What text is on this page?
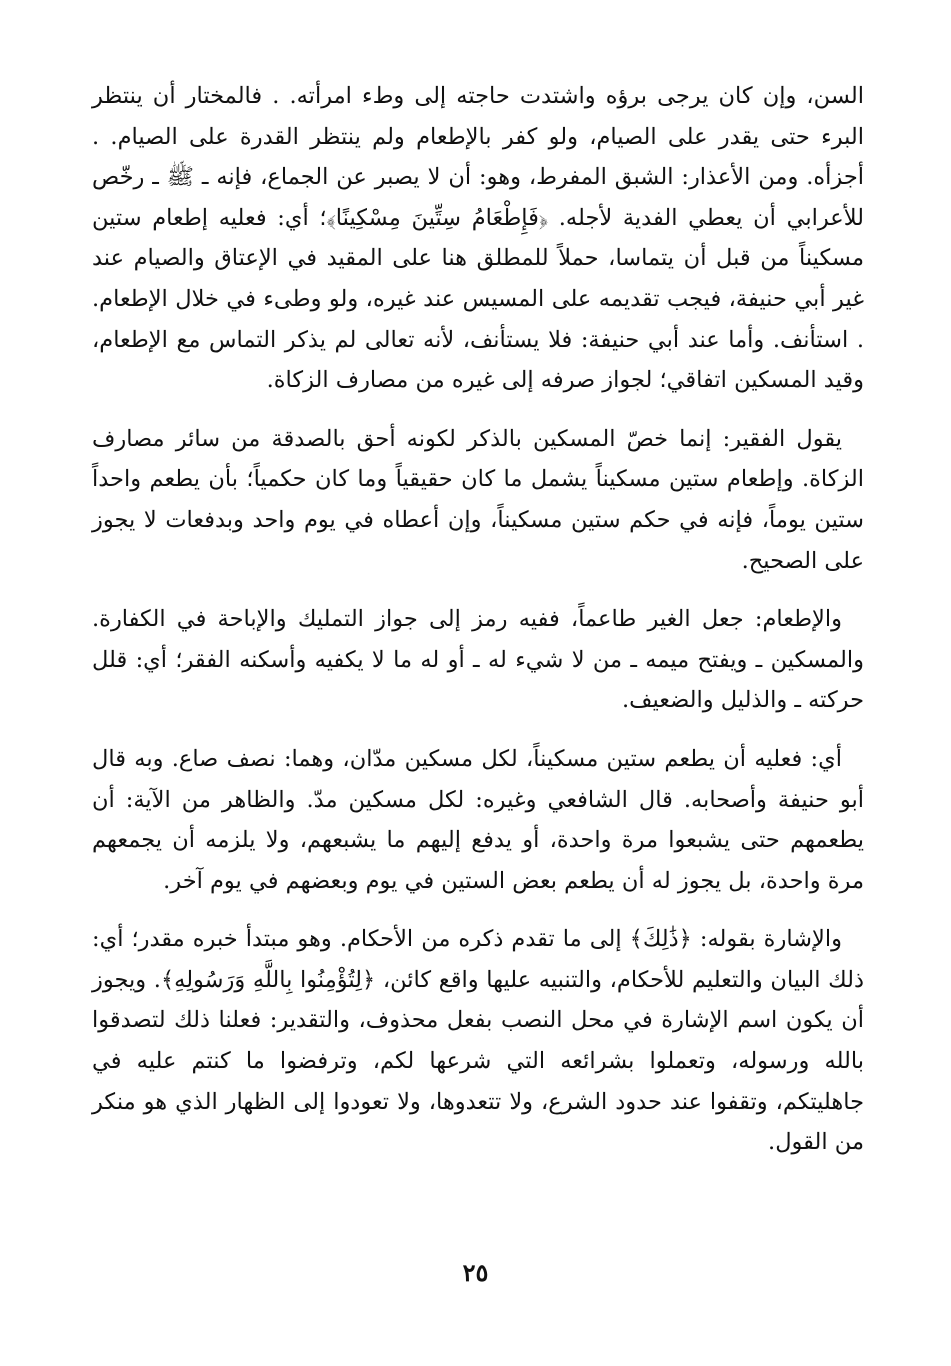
السن، وإن كان يرجى برؤه واشتدت حاجته إلى وطء امرأته. . فالمختار أن ينتظر البرء حتى يقدر على الصيام، ولو كفر بالإطعام ولم ينتظر القدرة على الصيام. . أجزأه. ومن الأعذار: الشبق المفرط، وهو: أن لا يصبر عن الجماع، فإنه ـ ﷺ ـ رخّص للأعرابي أن يعطي الفدية لأجله. ﴿فَإِطْعَامُ سِتِّينَ مِسْكِينًا﴾؛ أي: فعليه إطعام ستين مسكيناً من قبل أن يتماسا، حملاً للمطلق هنا على المقيد في الإعتاق والصيام عند غير أبي حنيفة، فيجب تقديمه على المسيس عند غيره، ولو وطىء في خلال الإطعام. . استأنف. وأما عند أبي حنيفة: فلا يستأنف، لأنه تعالى لم يذكر التماس مع الإطعام، وقيد المسكين اتفاقي؛ لجواز صرفه إلى غيره من مصارف الزكاة.

يقول الفقير: إنما خصّ المسكين بالذكر لكونه أحق بالصدقة من سائر مصارف الزكاة. وإطعام ستين مسكيناً يشمل ما كان حقيقياً وما كان حكمياً؛ بأن يطعم واحداً ستين يوماً، فإنه في حكم ستين مسكيناً، وإن أعطاه في يوم واحد وبدفعات لا يجوز على الصحيح.

والإطعام: جعل الغير طاعماً، ففيه رمز إلى جواز التمليك والإباحة في الكفارة. والمسكين ـ ويفتح ميمه ـ من لا شيء له ـ أو له ما لا يكفيه وأسكنه الفقر؛ أي: قلل حركته ـ والذليل والضعيف.

أي: فعليه أن يطعم ستين مسكيناً، لكل مسكين مدّان، وهما: نصف صاع. وبه قال أبو حنيفة وأصحابه. قال الشافعي وغيره: لكل مسكين مدّ. والظاهر من الآية: أن يطعمهم حتى يشبعوا مرة واحدة، أو يدفع إليهم ما يشبعهم، ولا يلزمه أن يجمعهم مرة واحدة، بل يجوز له أن يطعم بعض الستين في يوم وبعضهم في يوم آخر.

والإشارة بقوله: ﴿ذَٰلِكَ﴾ إلى ما تقدم ذكره من الأحكام. وهو مبتدأ خبره مقدر؛ أي: ذلك البيان والتعليم للأحكام، والتنبيه عليها واقع كائن، ﴿لِتُؤْمِنُوا بِاللَّهِ وَرَسُولِهِ﴾. ويجوز أن يكون اسم الإشارة في محل النصب بفعل محذوف، والتقدير: فعلنا ذلك لتصدقوا بالله ورسوله، وتعملوا بشرائعه التي شرعها لكم، وترفضوا ما كنتم عليه في جاهليتكم، وتقفوا عند حدود الشرع، ولا تتعدوها، ولا تعودوا إلى الظهار الذي هو منكر من القول.

٢٥
